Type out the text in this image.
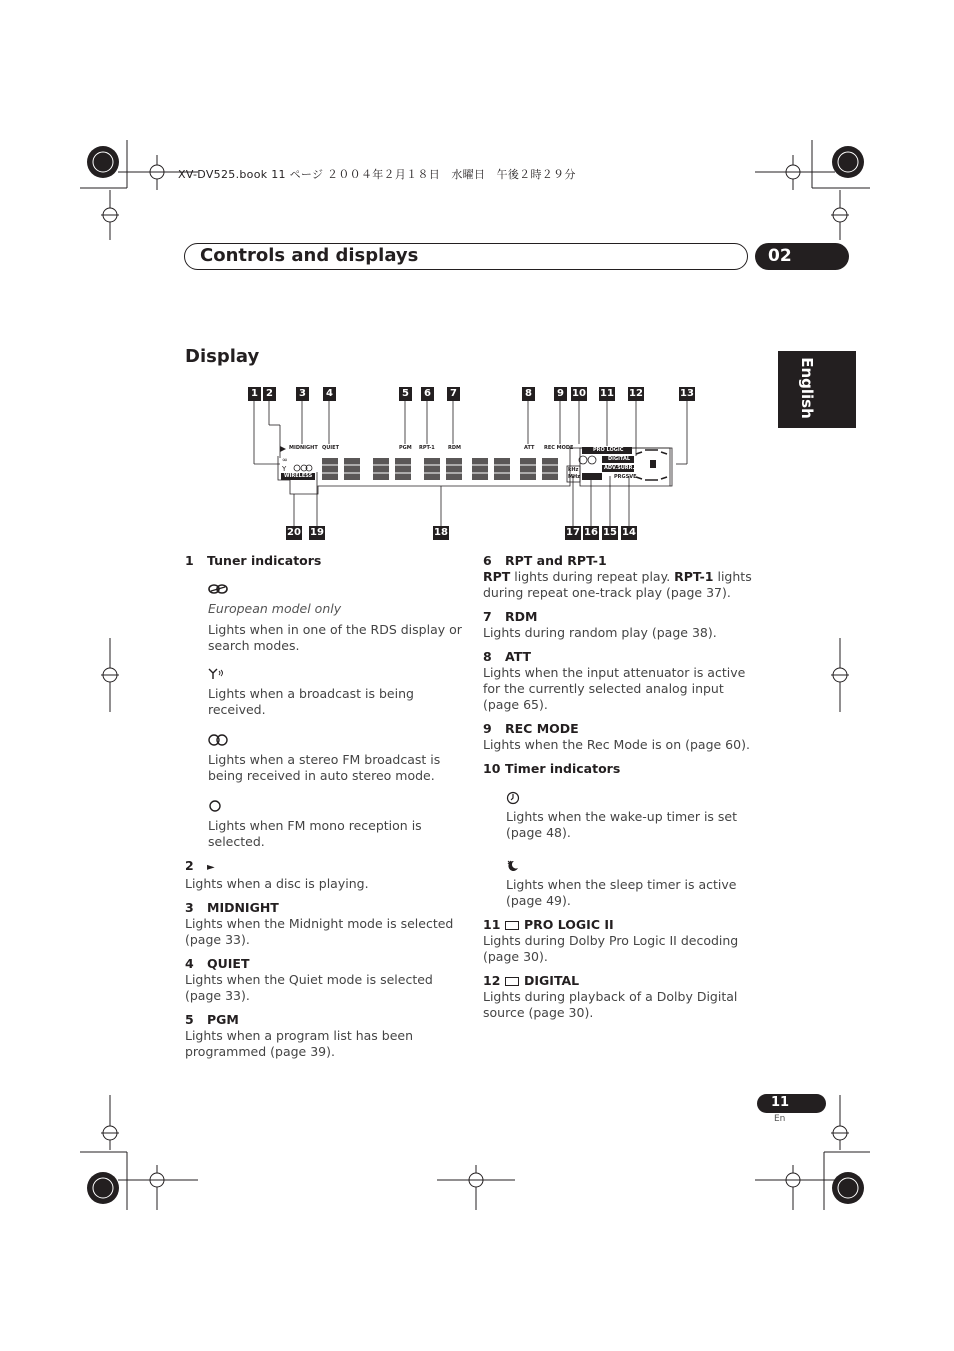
XV-DV525.book 11 ページ ２００４年２月１８日　水曜日　午後２時２９分
Controls and displays	02
English
Display
1 2	3	4	5	6	7	8	9 10 11 12	13
20 19	18	17 16 15 14
∞
Y
MIDNIGHT QUIET	PGM RPT-1	RDM	ATT REC MODE	PRO LOGIC
DIGITAL
ADV.SURR.
PRGSVE
WIRELESS
kHz
MHz
1 Tuner indicators

European model only

Lights when in one of the RDS display or search modes.

Lights when a broadcast is being received.

Lights when a stereo FM broadcast is being received in auto stereo mode.

Lights when FM mono reception is selected.

2 ►

Lights when a disc is playing.

3 MIDNIGHT

Lights when the Midnight mode is selected (page 33).

4 QUIET

Lights when the Quiet mode is selected (page 33).

5 PGM

Lights when a program list has been programmed (page 39).

6 RPT and RPT-1

RPT lights during repeat play. RPT-1 lights during repeat one-track play (page 37).

7 RDM

Lights during random play (page 38).

8 ATT

Lights when the input attenuator is active for the currently selected analog input (page 65).

9 REC MODE

Lights when the Rec Mode is on (page 60).

10 Timer indicators

Lights when the wake-up timer is set (page 48).

Lights when the sleep timer is active (page 49).

11 PRO LOGIC II

Lights during Dolby Pro Logic II decoding (page 30).

12 DIGITAL

Lights during playback of a Dolby Digital source (page 30).

11
En
